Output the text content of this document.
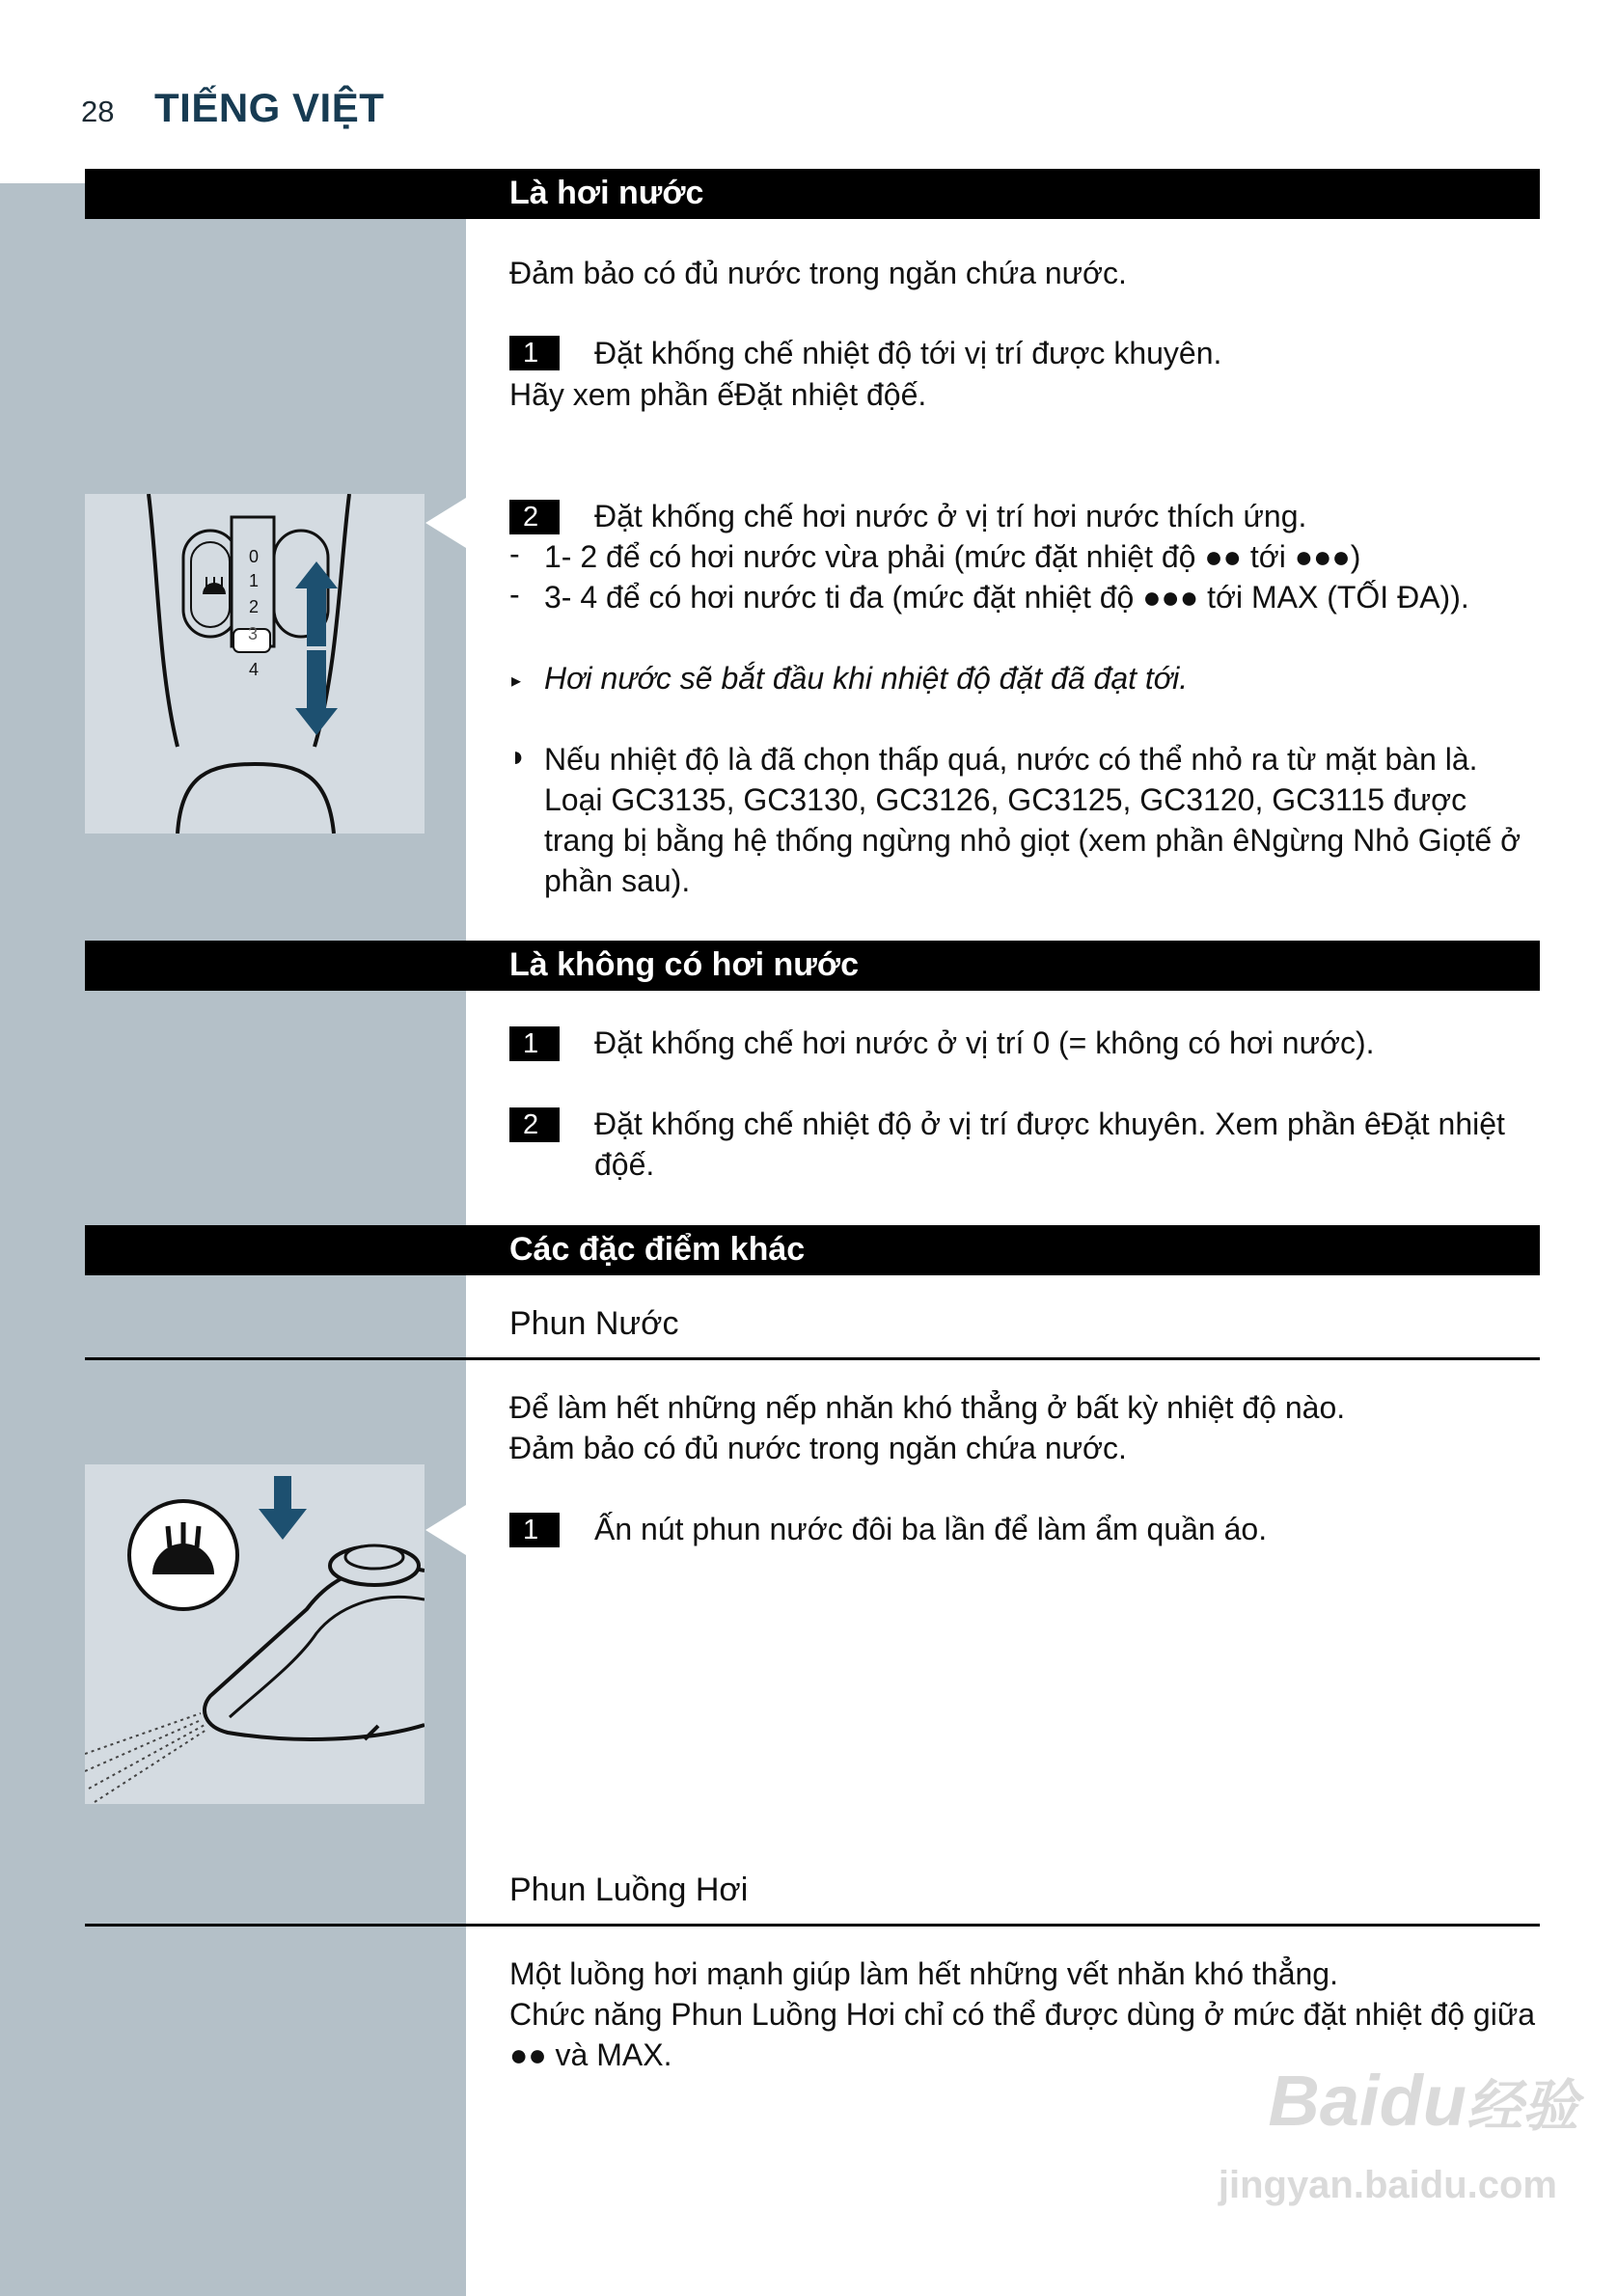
28 TIẾNG VIỆT
Là hơi nước
Đảm bảo có đủ nước trong ngăn chứa nước.
1	Đặt khống chế nhiệt độ tới vị trí được khuyên.
Hãy xem phần ếĐặt nhiệt độế.
0
1
2
3
4
2	Đặt khống chế hơi nước ở vị trí hơi nước thích ứng.
- 1- 2 để có hơi nước vừa phải (mức đặt nhiệt độ ●● tới ●●●)
- 3- 4 để có hơi nước ti đa (mức đặt nhiệt độ ●●● tới MAX (TỐI ĐA)).
▸ Hơi nước sẽ bắt đầu khi nhiệt độ đặt đã đạt tới.
◗ Nếu nhiệt độ là đã chọn thấp quá, nước có thể nhỏ ra từ mặt bàn là.
Loại GC3135, GC3130, GC3126, GC3125, GC3120, GC3115 được
trang bị bằng hệ thống ngừng nhỏ giọt (xem phần êNgừng Nhỏ Giọtế ở
phần sau).
Là không có hơi nước
1	Đặt khống chế hơi nước ở vị trí 0 (= không có hơi nước).
2	Đặt khống chế nhiệt độ ở vị trí được khuyên. Xem phần êĐặt nhiệt
độế.
Các đặc điểm khác
Phun Nước
Để làm hết những nếp nhăn khó thẳng ở bất kỳ nhiệt độ nào.
Đảm bảo có đủ nước trong ngăn chứa nước.
1	Ấn nút phun nước đôi ba lần để làm ẩm quần áo.
Phun Luồng Hơi
Một luồng hơi mạnh giúp làm hết những vết nhăn khó thẳng.
Chức năng Phun Luồng Hơi chỉ có thể được dùng ở mức đặt nhiệt độ giữa
●● và MAX.
Baidu经验
jingyan.baidu.com
